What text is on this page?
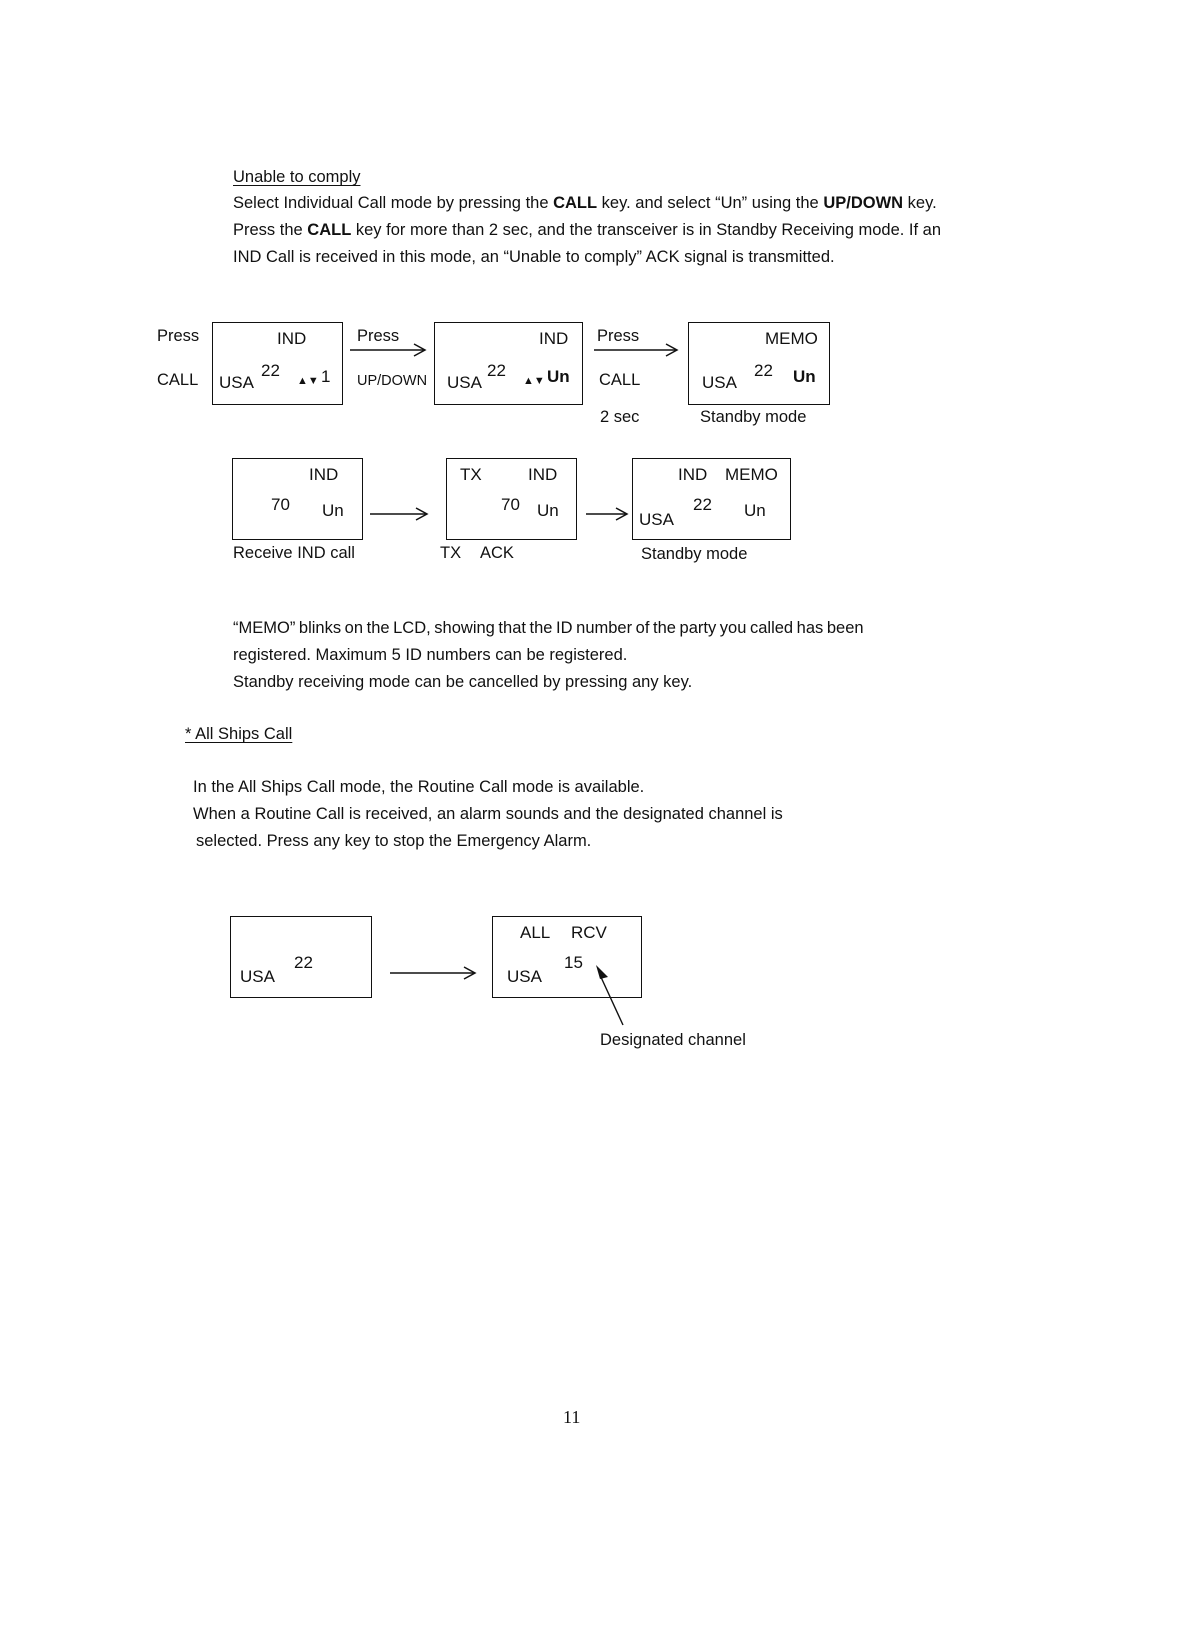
Unable to comply
Select Individual Call mode by pressing the CALL key. and select “Un” using the UP/DOWN key.
Press the CALL key for more than 2 sec, and the transceiver is in Standby Receiving mode. If an
IND Call is received in this mode, an “Unable to comply” ACK signal is transmitted.
Press
CALL
IND
USA
22
▲▼ 1
Press
UP/DOWN
IND
USA
22
▲▼ Un
Press
CALL
2 sec
MEMO
USA
22 Un
Standby mode
IND
70 Un
Receive IND call
TX	IND
70 Un
TX ACK
IND MEMO
USA
22 Un
Standby mode
“MEMO” blinks on the LCD, showing that the ID number of the party you called has been
registered. Maximum 5 ID numbers can be registered.
Standby receiving mode can be cancelled by pressing any key.
* All Ships Call
In the All Ships Call mode, the Routine Call mode is available.
When a Routine Call is received, an alarm sounds and the designated channel is
selected. Press any key to stop the Emergency Alarm.
USA
22
ALL RCV
USA
15
Designated channel
11
